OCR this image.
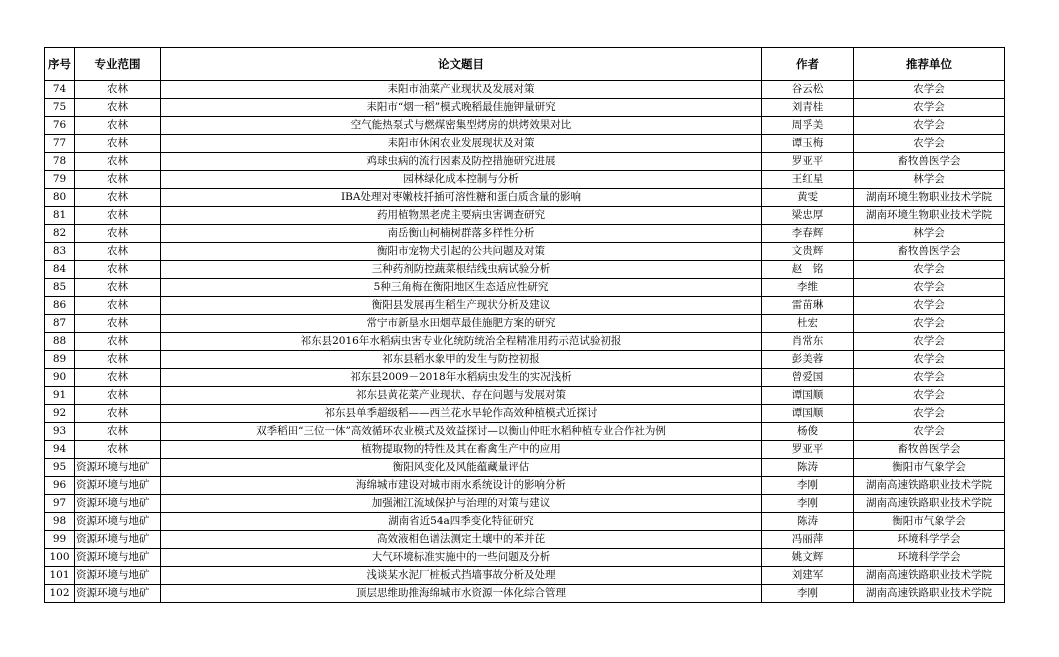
序号	专业范围	论文题目	作者	推荐单位
74	农林	耒阳市油菜产业现状及发展对策	谷云松	农学会
75	农林	耒阳市“烟一稻”模式晚稻最佳施钾量研究	刘青桂	农学会
76	农林	空气能热泵式与燃煤密集型烤房的烘烤效果对比	周孚美	农学会
77	农林	耒阳市休闲农业发展现状及对策	谭玉梅	农学会
78	农林	鸡球虫病的流行因素及防控措施研究进展	罗亚平	畜牧兽医学会
79	农林	园林绿化成本控制与分析	王红星	林学会
80	农林	IBA处理对枣嫩枝扦插可溶性糖和蛋白质含量的影响	黄雯	湖南环境生物职业技术学院
81	农林	药用植物黑老虎主要病虫害调查研究	梁忠厚	湖南环境生物职业技术学院
82	农林	南岳衡山柯楠树群落多样性分析	李春辉	林学会
83	农林	衡阳市宠物犬引起的公共问题及对策	文贵辉	畜牧兽医学会
84	农林	三种药剂防控蔬菜根结线虫病试验分析	赵　铭	农学会
85	农林	5种三角梅在衡阳地区生态适应性研究	李维	农学会
86	农林	衡阳县发展再生稻生产现状分析及建议	雷苗琳	农学会
87	农林	常宁市新垦水田烟草最佳施肥方案的研究	杜宏	农学会
88	农林	祁东县2016年水稻病虫害专业化统防统治全程精准用药示范试验初报	肖常东	农学会
89	农林	祁东县稻水象甲的发生与防控初报	彭美蓉	农学会
90	农林	祁东县2009－2018年水稻病虫发生的实况浅析	曾爱国	农学会
91	农林	祁东县黄花菜产业现状、存在问题与发展对策	谭国顺	农学会
92	农林	祁东县单季超级稻——西兰花水旱轮作高效种植模式近探讨	谭国顺	农学会
93	农林	双季稻田“三位一体”高效循环农业模式及效益探讨—以衡山仲旺水稻种植专业合作社为例	杨俊	农学会
94	农林	植物提取物的特性及其在畜禽生产中的应用	罗亚平	畜牧兽医学会
95	资源环境与地矿	衡阳风变化及风能蕴藏量评估	陈涛	衡阳市气象学会
96	资源环境与地矿	海绵城市建设对城市雨水系统设计的影响分析	李刚	湖南高速铁路职业技术学院
97	资源环境与地矿	加强湘江流域保护与治理的对策与建议	李刚	湖南高速铁路职业技术学院
98	资源环境与地矿	湖南省近54a四季变化特征研究	陈涛	衡阳市气象学会
99	资源环境与地矿	高效液相色谱法测定土壤中的苯并芘	冯丽萍	环境科学学会
100	资源环境与地矿	大气环境标准实施中的一些问题及分析	姚文辉	环境科学学会
101	资源环境与地矿	浅谈某水泥厂桩板式挡墙事故分析及处理	刘建军	湖南高速铁路职业技术学院
102	资源环境与地矿	顶层思维助推海绵城市水资源一体化综合管理	李刚	湖南高速铁路职业技术学院
